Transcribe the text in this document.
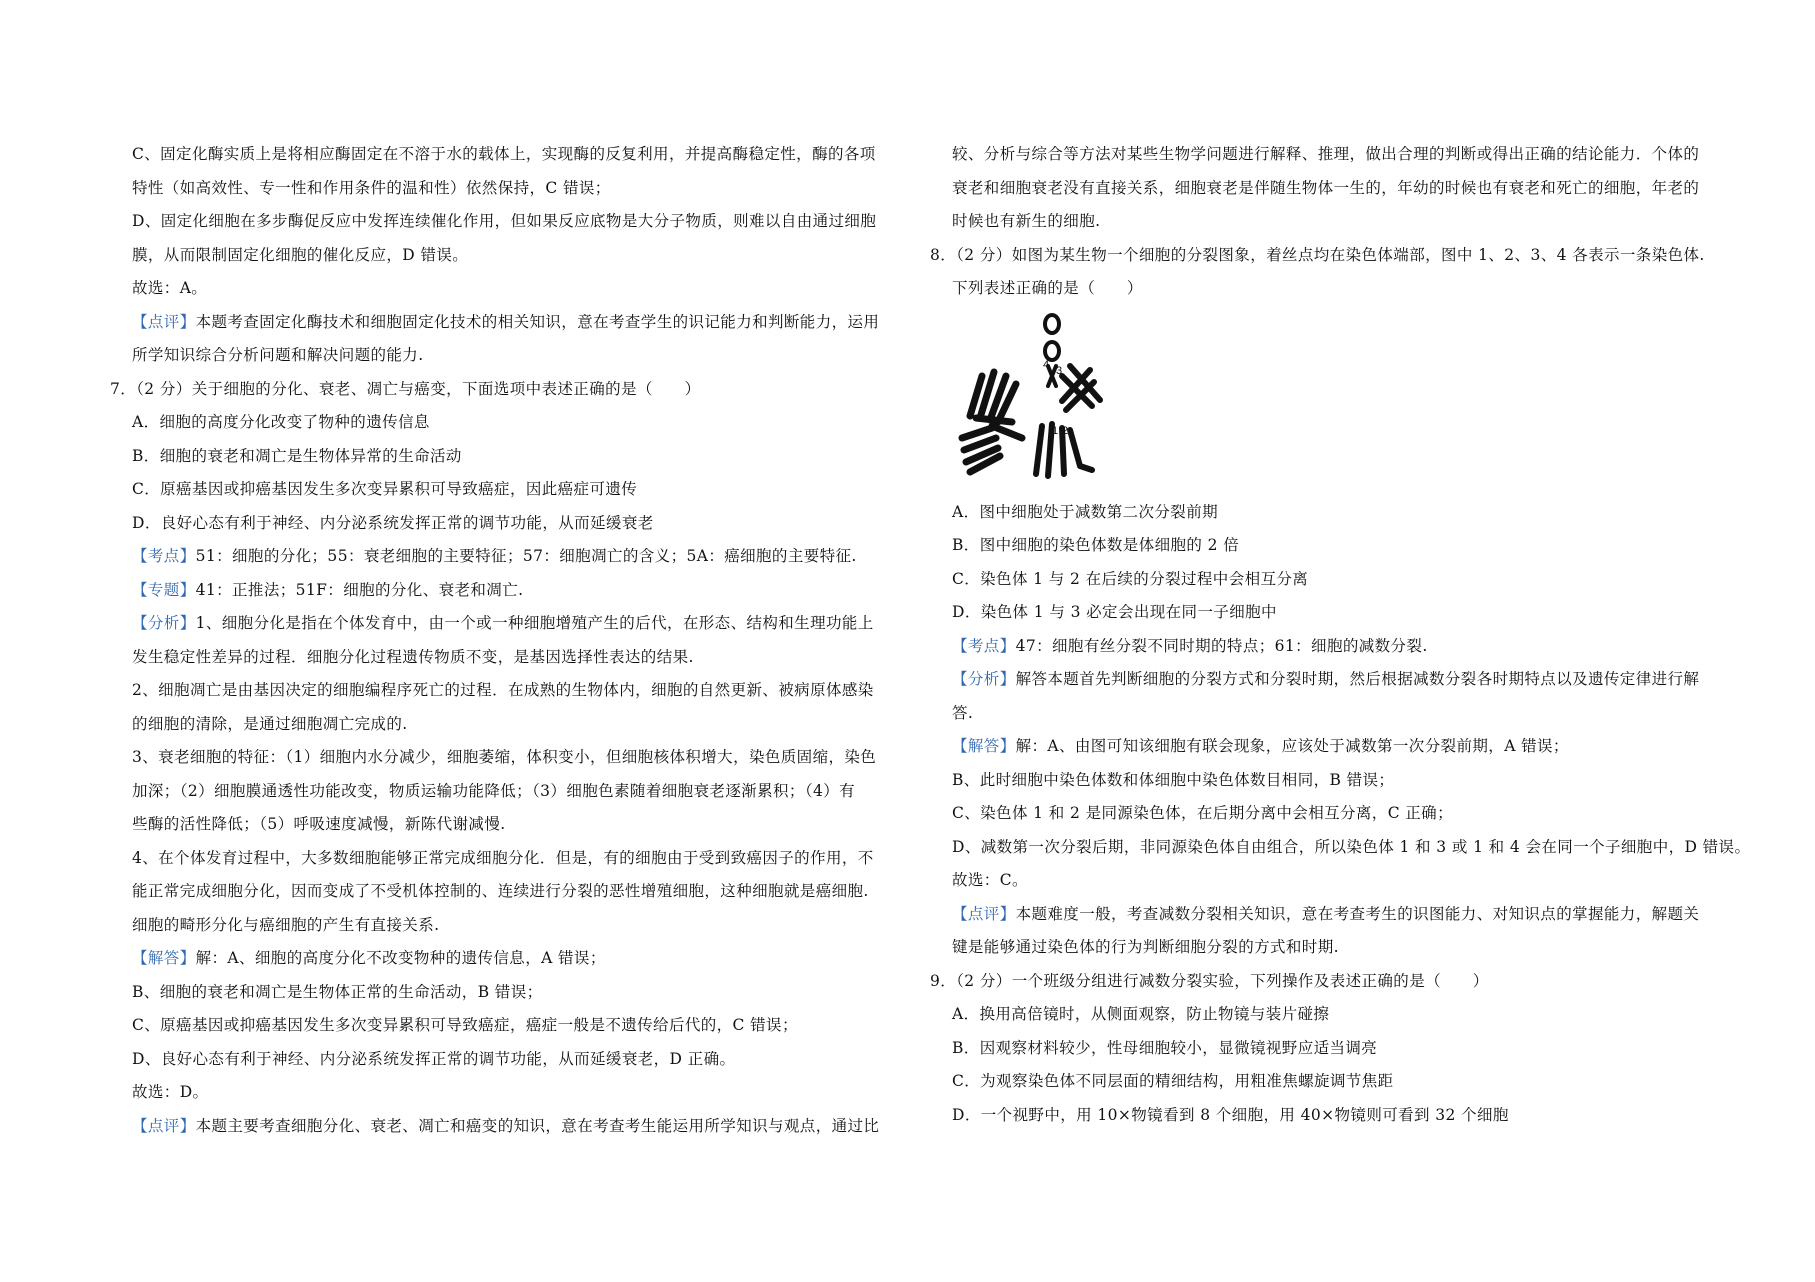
C、固定化酶实质上是将相应酶固定在不溶于水的载体上，实现酶的反复利用，并提高酶稳定性，酶的各项
特性（如高效性、专一性和作用条件的温和性）依然保持，C 错误；
D、固定化细胞在多步酶促反应中发挥连续催化作用，但如果反应底物是大分子物质，则难以自由通过细胞
膜，从而限制固定化细胞的催化反应，D 错误。
故选：A。
【点评】本题考查固定化酶技术和细胞固定化技术的相关知识，意在考查学生的识记能力和判断能力，运用
所学知识综合分析问题和解决问题的能力.
7．（2 分）关于细胞的分化、衰老、凋亡与癌变，下面选项中表述正确的是（　　）
A．细胞的高度分化改变了物种的遗传信息
B．细胞的衰老和凋亡是生物体异常的生命活动
C．原癌基因或抑癌基因发生多次变异累积可导致癌症，因此癌症可遗传
D．良好心态有利于神经、内分泌系统发挥正常的调节功能，从而延缓衰老
【考点】51：细胞的分化；55：衰老细胞的主要特征；57：细胞凋亡的含义；5A：癌细胞的主要特征.
【专题】41：正推法；51F：细胞的分化、衰老和凋亡.
【分析】1、细胞分化是指在个体发育中，由一个或一种细胞增殖产生的后代，在形态、结构和生理功能上
发生稳定性差异的过程．细胞分化过程遗传物质不变，是基因选择性表达的结果.
2、细胞凋亡是由基因决定的细胞编程序死亡的过程．在成熟的生物体内，细胞的自然更新、被病原体感染
的细胞的清除，是通过细胞凋亡完成的.
3、衰老细胞的特征：（1）细胞内水分减少，细胞萎缩，体积变小，但细胞核体积增大，染色质固缩，染色
加深；（2）细胞膜通透性功能改变，物质运输功能降低；（3）细胞色素随着细胞衰老逐渐累积；（4）有
些酶的活性降低；（5）呼吸速度减慢，新陈代谢减慢.
4、在个体发育过程中，大多数细胞能够正常完成细胞分化．但是，有的细胞由于受到致癌因子的作用，不
能正常完成细胞分化，因而变成了不受机体控制的、连续进行分裂的恶性增殖细胞，这种细胞就是癌细胞.
细胞的畸形分化与癌细胞的产生有直接关系.
【解答】解：A、细胞的高度分化不改变物种的遗传信息，A 错误；
B、细胞的衰老和凋亡是生物体正常的生命活动，B 错误；
C、原癌基因或抑癌基因发生多次变异累积可导致癌症，癌症一般是不遗传给后代的，C 错误；
D、良好心态有利于神经、内分泌系统发挥正常的调节功能，从而延缓衰老，D 正确。
故选：D。
【点评】本题主要考查细胞分化、衰老、凋亡和癌变的知识，意在考查考生能运用所学知识与观点，通过比
较、分析与综合等方法对某些生物学问题进行解释、推理，做出合理的判断或得出正确的结论能力．个体的
衰老和细胞衰老没有直接关系，细胞衰老是伴随生物体一生的，年幼的时候也有衰老和死亡的细胞，年老的
时候也有新生的细胞.
8．（2 分）如图为某生物一个细胞的分裂图象，着丝点均在染色体端部，图中 1、2、3、4 各表示一条染色体.
下列表述正确的是（　　）
4 3
1 2
A．图中细胞处于减数第二次分裂前期
B．图中细胞的染色体数是体细胞的 2 倍
C．染色体 1 与 2 在后续的分裂过程中会相互分离
D．染色体 1 与 3 必定会出现在同一子细胞中
【考点】47：细胞有丝分裂不同时期的特点；61：细胞的减数分裂.
【分析】解答本题首先判断细胞的分裂方式和分裂时期，然后根据减数分裂各时期特点以及遗传定律进行解
答.
【解答】解：A、由图可知该细胞有联会现象，应该处于减数第一次分裂前期，A 错误；
B、此时细胞中染色体数和体细胞中染色体数目相同，B 错误；
C、染色体 1 和 2 是同源染色体，在后期分离中会相互分离，C 正确；
D、减数第一次分裂后期，非同源染色体自由组合，所以染色体 1 和 3 或 1 和 4 会在同一个子细胞中，D 错误。
故选：C。
【点评】本题难度一般，考查减数分裂相关知识，意在考查考生的识图能力、对知识点的掌握能力，解题关
键是能够通过染色体的行为判断细胞分裂的方式和时期.
9．（2 分）一个班级分组进行减数分裂实验，下列操作及表述正确的是（　　）
A．换用高倍镜时，从侧面观察，防止物镜与装片碰擦
B．因观察材料较少，性母细胞较小，显微镜视野应适当调亮
C．为观察染色体不同层面的精细结构，用粗准焦螺旋调节焦距
D．一个视野中，用 10×物镜看到 8 个细胞，用 40×物镜则可看到 32 个细胞
